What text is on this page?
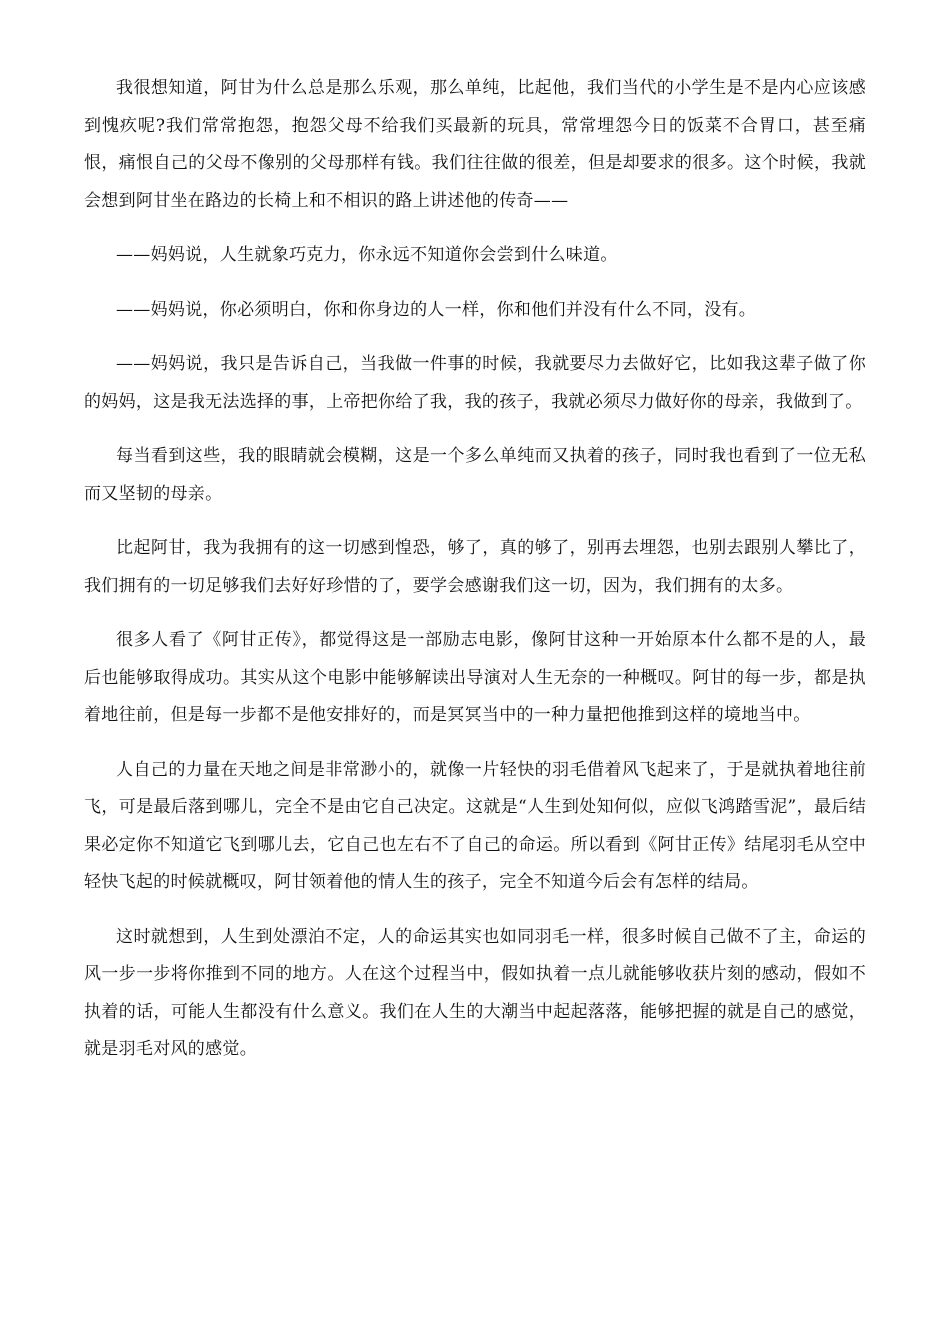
我很想知道，阿甘为什么总是那么乐观，那么单纯，比起他，我们当代的小学生是不是内心应该感到愧疚呢?我们常常抱怨，抱怨父母不给我们买最新的玩具，常常埋怨今日的饭菜不合胃口，甚至痛恨，痛恨自己的父母不像别的父母那样有钱。我们往往做的很差，但是却要求的很多。这个时候，我就会想到阿甘坐在路边的长椅上和不相识的路上讲述他的传奇——

——妈妈说，人生就象巧克力，你永远不知道你会尝到什么味道。

——妈妈说，你必须明白，你和你身边的人一样，你和他们并没有什么不同，没有。

——妈妈说，我只是告诉自己，当我做一件事的时候，我就要尽力去做好它，比如我这辈子做了你的妈妈，这是我无法选择的事，上帝把你给了我，我的孩子，我就必须尽力做好你的母亲，我做到了。

每当看到这些，我的眼睛就会模糊，这是一个多么单纯而又执着的孩子，同时我也看到了一位无私而又坚韧的母亲。

比起阿甘，我为我拥有的这一切感到惶恐，够了，真的够了，别再去埋怨，也别去跟别人攀比了，我们拥有的一切足够我们去好好珍惜的了，要学会感谢我们这一切，因为，我们拥有的太多。

很多人看了《阿甘正传》，都觉得这是一部励志电影，像阿甘这种一开始原本什么都不是的人，最后也能够取得成功。其实从这个电影中能够解读出导演对人生无奈的一种概叹。阿甘的每一步，都是执着地往前，但是每一步都不是他安排好的，而是冥冥当中的一种力量把他推到这样的境地当中。

人自己的力量在天地之间是非常渺小的，就像一片轻快的羽毛借着风飞起来了，于是就执着地往前飞，可是最后落到哪儿，完全不是由它自己决定。这就是“人生到处知何似，应似飞鸿踏雪泥”，最后结果必定你不知道它飞到哪儿去，它自己也左右不了自己的命运。所以看到《阿甘正传》结尾羽毛从空中轻快飞起的时候就概叹，阿甘领着他的情人生的孩子，完全不知道今后会有怎样的结局。

这时就想到，人生到处漂泊不定，人的命运其实也如同羽毛一样，很多时候自己做不了主，命运的风一步一步将你推到不同的地方。人在这个过程当中，假如执着一点儿就能够收获片刻的感动，假如不执着的话，可能人生都没有什么意义。我们在人生的大潮当中起起落落，能够把握的就是自己的感觉，就是羽毛对风的感觉。
